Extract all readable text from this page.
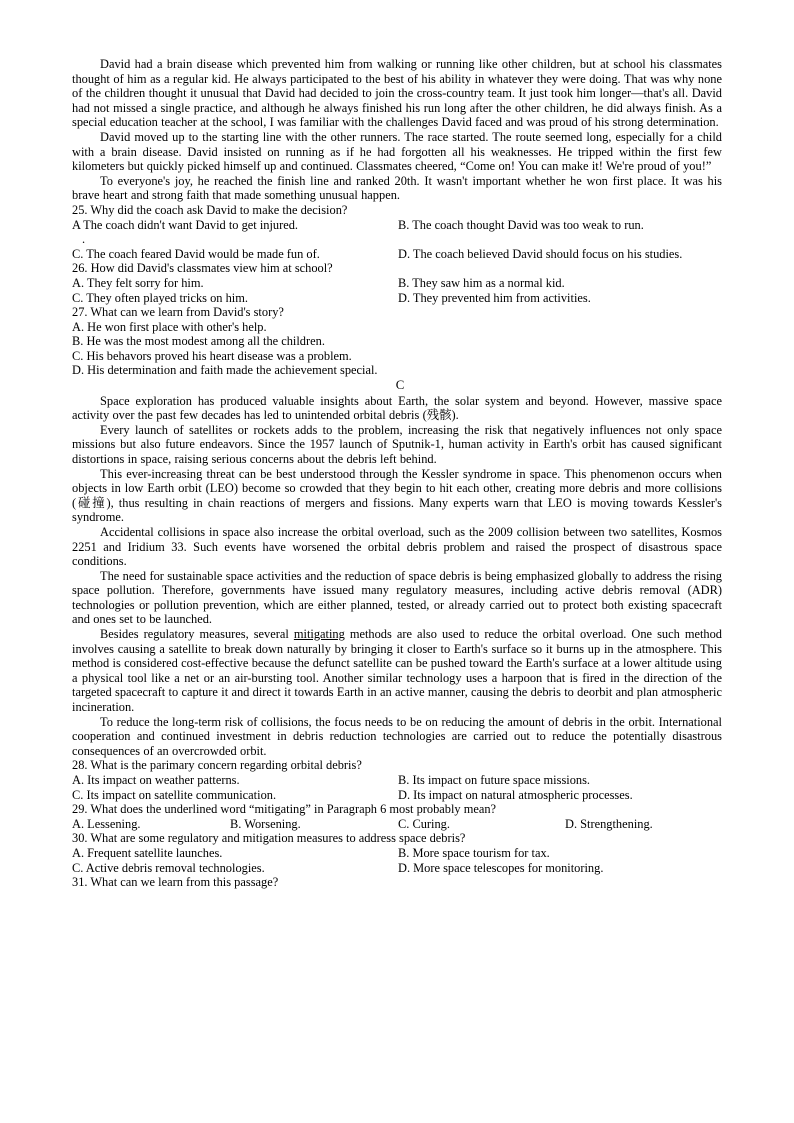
David had a brain disease which prevented him from walking or running like other children, but at school his classmates thought of him as a regular kid. He always participated to the best of his ability in whatever they were doing. That was why none of the children thought it unusual that David had decided to join the cross-country team. It just took him longer—that's all. David had not missed a single practice, and although he always finished his run long after the other children, he did always finish. As a special education teacher at the school, I was familiar with the challenges David faced and was proud of his strong determination.

David moved up to the starting line with the other runners. The race started. The route seemed long, especially for a child with a brain disease. David insisted on running as if he had forgotten all his weaknesses. He tripped within the first few kilometers but quickly picked himself up and continued. Classmates cheered, “Come on! You can make it! We're proud of you!”

To everyone's joy, he reached the finish line and ranked 20th. It wasn't important whether he won first place. It was his brave heart and strong faith that made something unusual happen.

25. Why did the coach ask David to make the decision?

A The coach didn't want David to get injured.	B. The coach thought David was too weak to run.

.

C. The coach feared David would be made fun of.	D. The coach believed David should focus on his studies.

26. How did David's classmates view him at school?

A. They felt sorry for him.	B. They saw him as a normal kid.
C. They often played tricks on him.	D. They prevented him from activities.

27. What can we learn from David's story?

A. He won first place with other's help.

B. He was the most modest among all the children.

C. His behavors proved his heart disease was a problem.

D. His determination and faith made the achievement special.

C

Space exploration has produced valuable insights about Earth, the solar system and beyond. However, massive space activity over the past few decades has led to unintended orbital debris (残骸).

Every launch of satellites or rockets adds to the problem, increasing the risk that negatively influences not only space missions but also future endeavors. Since the 1957 launch of Sputnik-1, human activity in Earth's orbit has caused significant distortions in space, raising serious concerns about the debris left behind.

This ever-increasing threat can be best understood through the Kessler syndrome in space. This phenomenon occurs when objects in low Earth orbit (LEO) become so crowded that they begin to hit each other, creating more debris and more collisions (碰撞), thus resulting in chain reactions of mergers and fissions. Many experts warn that LEO is moving towards Kessler's syndrome.

Accidental collisions in space also increase the orbital overload, such as the 2009 collision between two satellites, Kosmos 2251 and Iridium 33. Such events have worsened the orbital debris problem and raised the prospect of disastrous space conditions.

The need for sustainable space activities and the reduction of space debris is being emphasized globally to address the rising space pollution. Therefore, governments have issued many regulatory measures, including active debris removal (ADR) technologies or pollution prevention, which are either planned, tested, or already carried out to protect both existing spacecraft and ones set to be launched.

Besides regulatory measures, several mitigating methods are also used to reduce the orbital overload. One such method involves causing a satellite to break down naturally by bringing it closer to Earth's surface so it burns up in the atmosphere. This method is considered cost-effective because the defunct satellite can be pushed toward the Earth's surface at a lower altitude using a physical tool like a net or an air-bursting tool. Another similar technology uses a harpoon that is fired in the direction of the targeted spacecraft to capture it and direct it towards Earth in an active manner, causing the debris to deorbit and plan atmospheric incineration.

To reduce the long-term risk of collisions, the focus needs to be on reducing the amount of debris in the orbit. International cooperation and continued investment in debris reduction technologies are carried out to reduce the potentially disastrous consequences of an overcrowded orbit.

28. What is the parimary concern regarding orbital debris?

A. Its impact on weather patterns.	B. Its impact on future space missions.
C. Its impact on satellite communication.	D. Its impact on natural atmospheric processes.

29. What does the underlined word “mitigating” in Paragraph 6 most probably mean?

A. Lessening.	B. Worsening.	C. Curing.	D. Strengthening.

30. What are some regulatory and mitigation measures to address space debris?

A. Frequent satellite launches.	B. More space tourism for tax.
C. Active debris removal technologies.	D. More space telescopes for monitoring.

31. What can we learn from this passage?
